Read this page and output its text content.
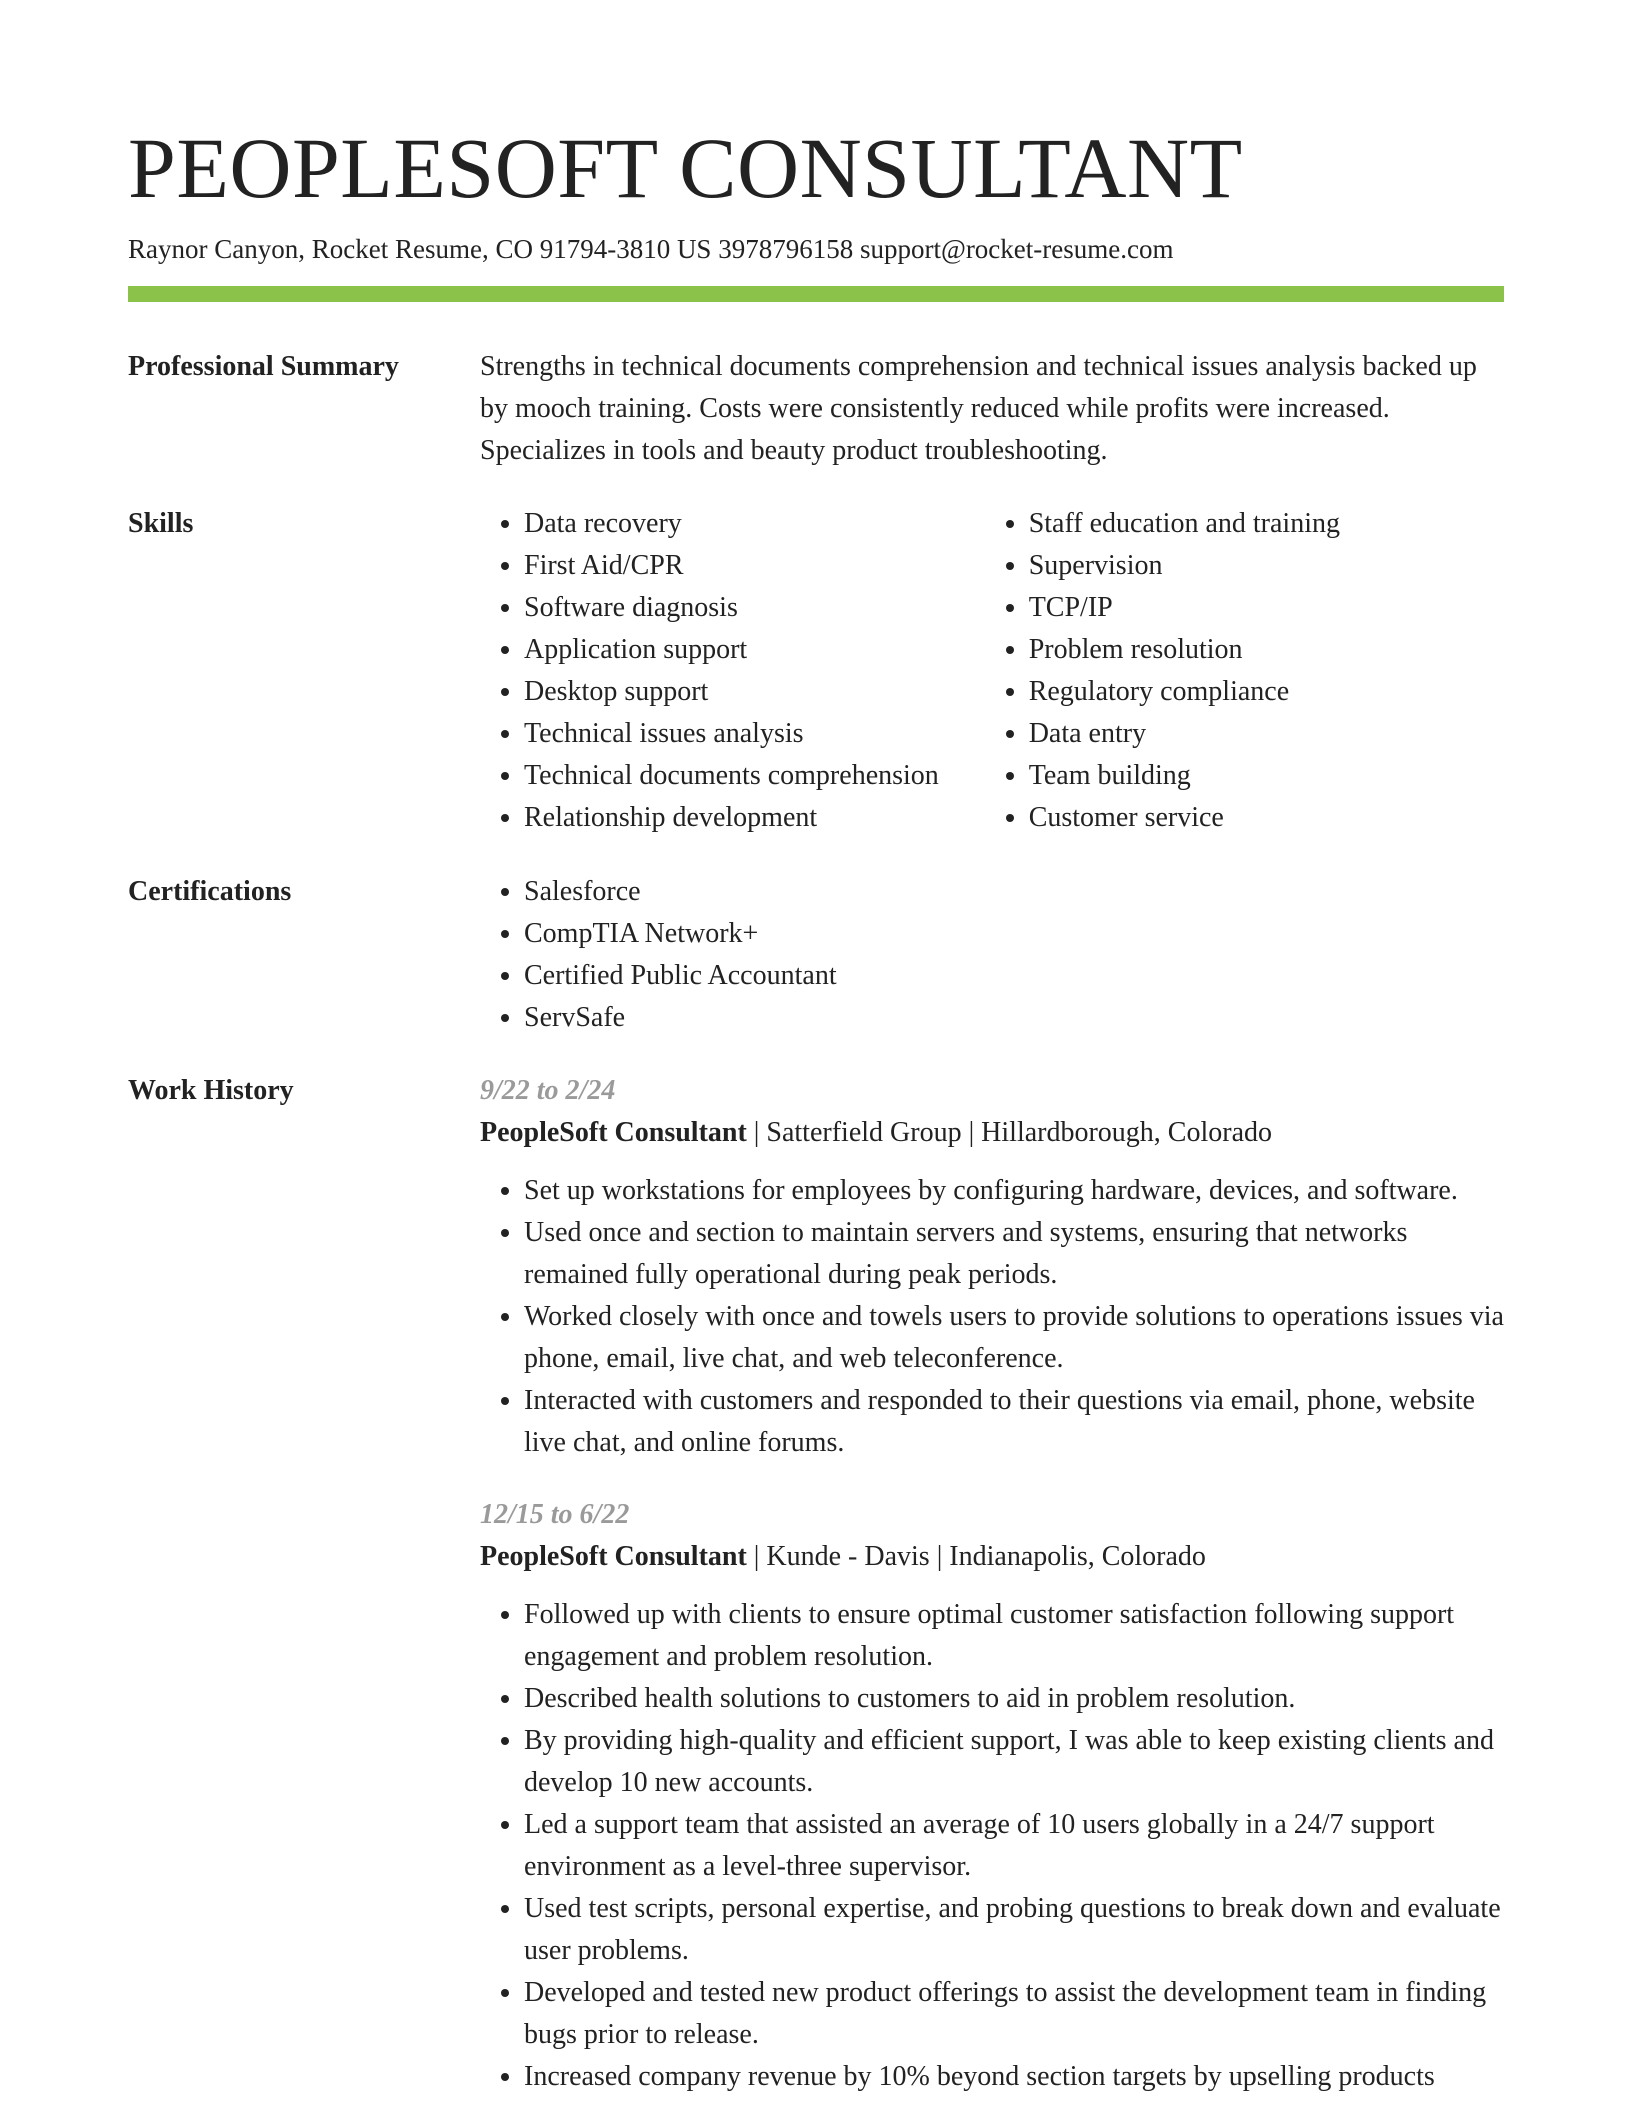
PEOPLESOFT CONSULTANT
Raynor Canyon, Rocket Resume, CO 91794-3810 US 3978796158 support@rocket-resume.com
Professional Summary	Strengths in technical documents comprehension and technical issues analysis backed up by mooch training. Costs were consistently reduced while profits were increased. Specializes in tools and beauty product troubleshooting.

Skills	• Data recovery
• First Aid/CPR
• Software diagnosis
• Application support
• Desktop support
• Technical issues analysis
• Technical documents comprehension
• Relationship development
• Staff education and training
• Supervision
• TCP/IP
• Problem resolution
• Regulatory compliance
• Data entry
• Team building
• Customer service
Certifications	• Salesforce
• CompTIA Network+
• Certified Public Accountant
• ServSafe
Work History	9/22 to 2/24
PeopleSoft Consultant | Satterfield Group | Hillardborough, Colorado
• Set up workstations for employees by configuring hardware, devices, and software.
• Used once and section to maintain servers and systems, ensuring that networks remained fully operational during peak periods.
• Worked closely with once and towels users to provide solutions to operations issues via phone, email, live chat, and web teleconference.
• Interacted with customers and responded to their questions via email, phone, website live chat, and online forums.
12/15 to 6/22
PeopleSoft Consultant | Kunde - Davis | Indianapolis, Colorado
• Followed up with clients to ensure optimal customer satisfaction following support engagement and problem resolution.
• Described health solutions to customers to aid in problem resolution.
• By providing high-quality and efficient support, I was able to keep existing clients and develop 10 new accounts.
• Led a support team that assisted an average of 10 users globally in a 24/7 support environment as a level-three supervisor.
• Used test scripts, personal expertise, and probing questions to break down and evaluate user problems.
• Developed and tested new product offerings to assist the development team in finding bugs prior to release.
• Increased company revenue by 10% beyond section targets by upselling products
